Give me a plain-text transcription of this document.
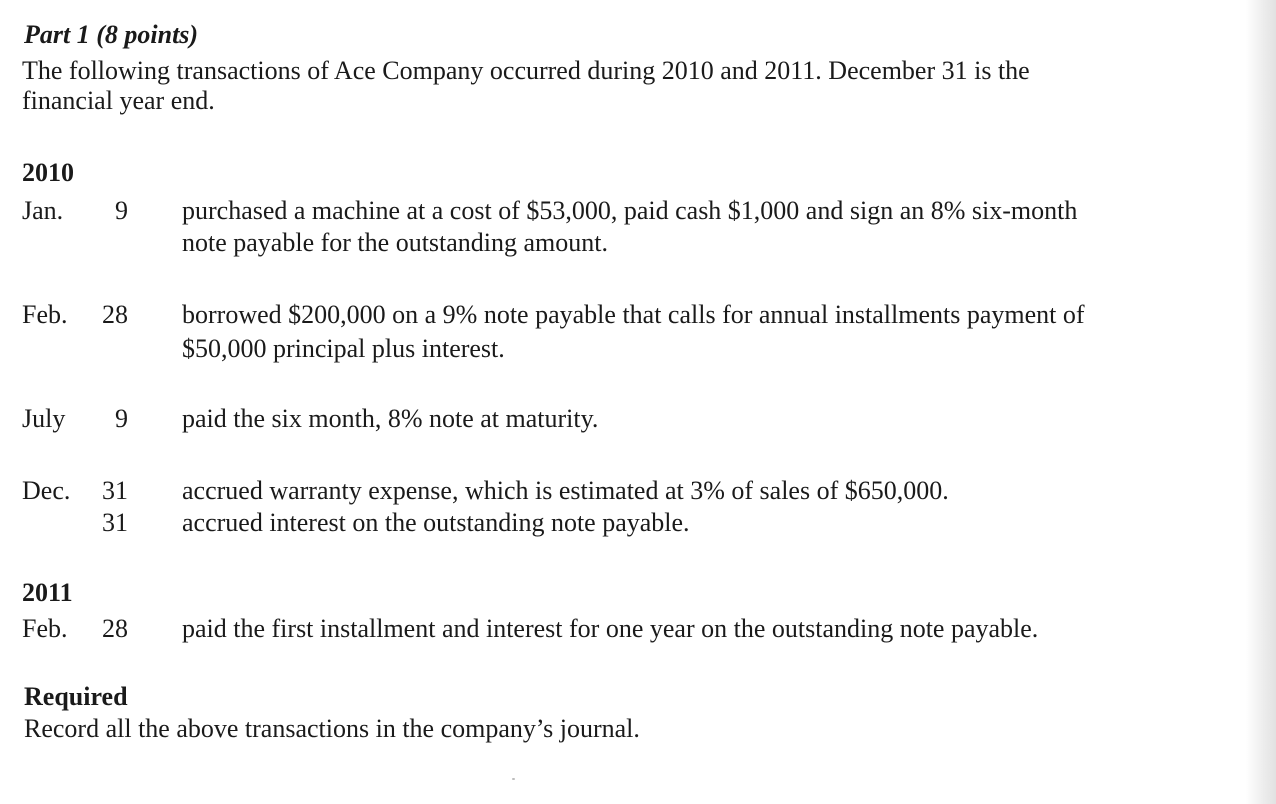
Part 1 (8 points)
The following transactions of Ace Company occurred during 2010 and 2011. December 31 is the
financial year end.
2010
Jan.	9 purchased a machine at a cost of $53,000, paid cash $1,000 and sign an 8% six-month
note payable for the outstanding amount.
Feb.	28 borrowed $200,000 on a 9% note payable that calls for annual installments payment of
$50,000 principal plus interest.
July	9 paid the six month, 8% note at maturity.
Dec.	31 accrued warranty expense, which is estimated at 3% of sales of $650,000.
31 accrued interest on the outstanding note payable.
2011
Feb.	28 paid the first installment and interest for one year on the outstanding note payable.
Required
Record all the above transactions in the company’s journal.
